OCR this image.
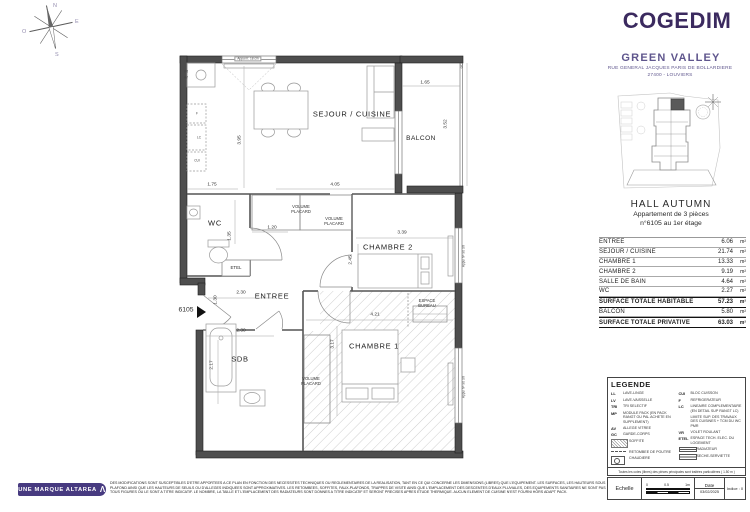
N
E
S
O
SEJOUR / CUISINE
BALCON
WC
CHAMBRE 2
ENTREE
SDB
CHAMBRE 1
VOLUME PLACARD
VOLUME PLACARD
VOLUME PLACARD
ESPACE BUREAU
ETEL
6105
1.65
3.52
GC
3.95
1.75	4.05
1.20
1.35	3.39
2.45
2.30
1.30
2.30
2.17
4.21
3.17
Appui h: 18 cm
Appui h= 90 cm
Appui h= 90 cm
F
LC
CUI
VR
AV
COGEDIM
GREEN VALLEY
RUE GENERAL JACQUES PARIS DE BOLLARDIERE
27400 - LOUVIERS
HALL AUTUMN
Appartement de 3 pièces
n°6105 au 1er étage
ENTREE	6.06	m²
SEJOUR / CUISINE	21.74	m²
CHAMBRE 1	13.33	m²
CHAMBRE 2	9.19	m²
SALLE DE BAIN	4.64	m²
WC	2.27	m²
SURFACE TOTALE HABITABLE	57.23	m²
BALCON	5.80	m²
SURFACE TOTALE PRIVATIVE	63.03	m²
LEGENDE
LL	LAVE-LINGE
LV	LAVE-VAISSELLE
TRI	TRI SELECTIF
MP	MODULE PACK (EN PACK RANGT OU PAL ACHETE EN SUPPLEMENT)
AV	ALLEGE VITREE
GC	GARDE-CORPS
SOFFITE
RETOMBEE DE POUTRE
CHAUDIERE
CUI	BLOC CUISSON
F	REFRIGERATEUR
LC	LINEAIRE COMPLEMENTAIRE (EN DETAIL SUP RANGT LC)
LIMITE SUP. DES TRAVAUX DES CUISINES + TCM DU WC PMR
VR	VOLET ROULANT
ETEL ESPACE TECH. ELEC. DU LOGEMENT
RADIATEUR
SECHE-SERVIETTE
Toutes les cotes (libres) des pièces principales sont traitées particulières ( 1.50 m )
Echelle
0	0.5	1m	Date
03/02/2025
Indice : 0
UNE MARQUE ALTAREA Λ
DES MODIFICATIONS SONT SUSCEPTIBLES D'ETRE APPORTEES A CE PLAN EN FONCTION DES NECESSITES TECHNIQUES OU REGLEMENTAIRES DE LA REALISATION, TANT EN CE QUI CONCERNE LES DIMENSIONS (LIBRES) QUE L'EQUIPEMENT. LES SURFACES, LES HAUTEURS SOUS
PLAFOND AINSI QUE LES HAUTEURS DE SEUILS OU D'ALLEGES INDIQUEES SONT APPROXIMATIVES. LES RETOMBEES, SOFFITES, FAUX-PLAFONDS, TRAPPES DE VISITE AINSI QUE L'EMPLACEMENT DES DESCENTES D'EAUX PLUVIALES, DES EQUIPEMENTS SANITAIRES NE SONT PAS
TOUS FIGURES OU LE SONT A TITRE INDICATIF. LE NOMBRE, LA TAILLE ET L'EMPLACEMENT DES RADIATEURS SONT DONNES A TITRE INDICATIF ET SERONT PRECISES APRES ETUDE THERMIQUE. AUCUN ELEMENT DE CUISINE N'EST FOURNI HORS ADAPT PACK.
